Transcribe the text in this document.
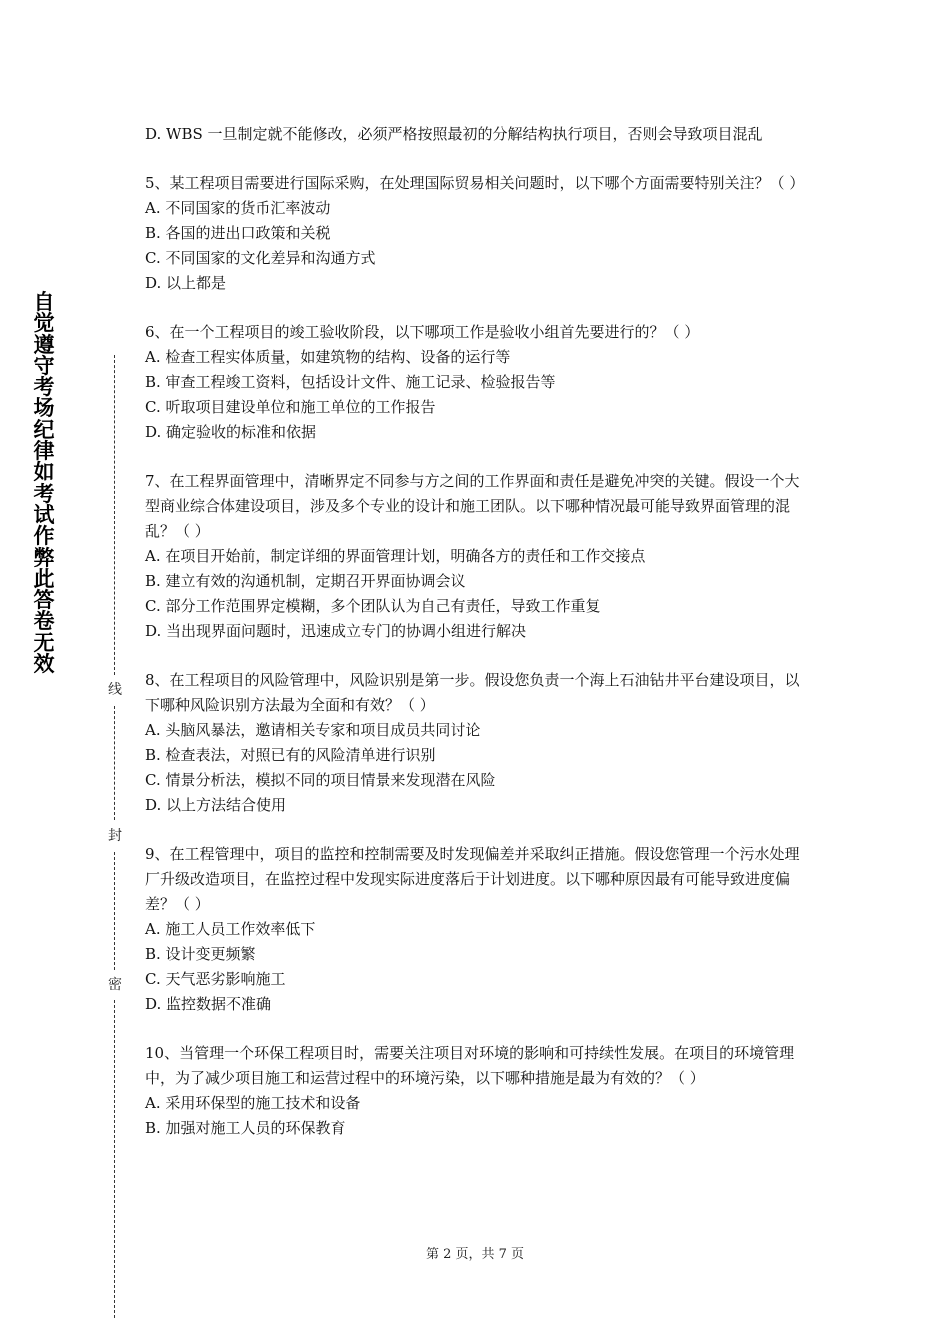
自觉遵守考场纪律如考试作弊此答卷无效
线
封
密

D. WBS 一旦制定就不能修改，必须严格按照最初的分解结构执行项目，否则会导致项目混乱

5、某工程项目需要进行国际采购，在处理国际贸易相关问题时，以下哪个方面需要特别关注？（ ）

A. 不同国家的货币汇率波动

B. 各国的进出口政策和关税

C. 不同国家的文化差异和沟通方式

D. 以上都是

6、在一个工程项目的竣工验收阶段，以下哪项工作是验收小组首先要进行的？（ ）

A. 检查工程实体质量，如建筑物的结构、设备的运行等

B. 审查工程竣工资料，包括设计文件、施工记录、检验报告等

C. 听取项目建设单位和施工单位的工作报告

D. 确定验收的标准和依据

7、在工程界面管理中，清晰界定不同参与方之间的工作界面和责任是避免冲突的关键。假设一个大型商业综合体建设项目，涉及多个专业的设计和施工团队。以下哪种情况最可能导致界面管理的混乱？（ ）

A. 在项目开始前，制定详细的界面管理计划，明确各方的责任和工作交接点

B. 建立有效的沟通机制，定期召开界面协调会议

C. 部分工作范围界定模糊，多个团队认为自己有责任，导致工作重复

D. 当出现界面问题时，迅速成立专门的协调小组进行解决

8、在工程项目的风险管理中，风险识别是第一步。假设您负责一个海上石油钻井平台建设项目，以下哪种风险识别方法最为全面和有效？（ ）

A. 头脑风暴法，邀请相关专家和项目成员共同讨论

B. 检查表法，对照已有的风险清单进行识别

C. 情景分析法，模拟不同的项目情景来发现潜在风险

D. 以上方法结合使用

9、在工程管理中，项目的监控和控制需要及时发现偏差并采取纠正措施。假设您管理一个污水处理厂升级改造项目，在监控过程中发现实际进度落后于计划进度。以下哪种原因最有可能导致进度偏差？（ ）

A. 施工人员工作效率低下

B. 设计变更频繁

C. 天气恶劣影响施工

D. 监控数据不准确

10、当管理一个环保工程项目时，需要关注项目对环境的影响和可持续性发展。在项目的环境管理中，为了减少项目施工和运营过程中的环境污染，以下哪种措施是最为有效的？（ ）

A. 采用环保型的施工技术和设备

B. 加强对施工人员的环保教育

第 2 页，共 7 页
